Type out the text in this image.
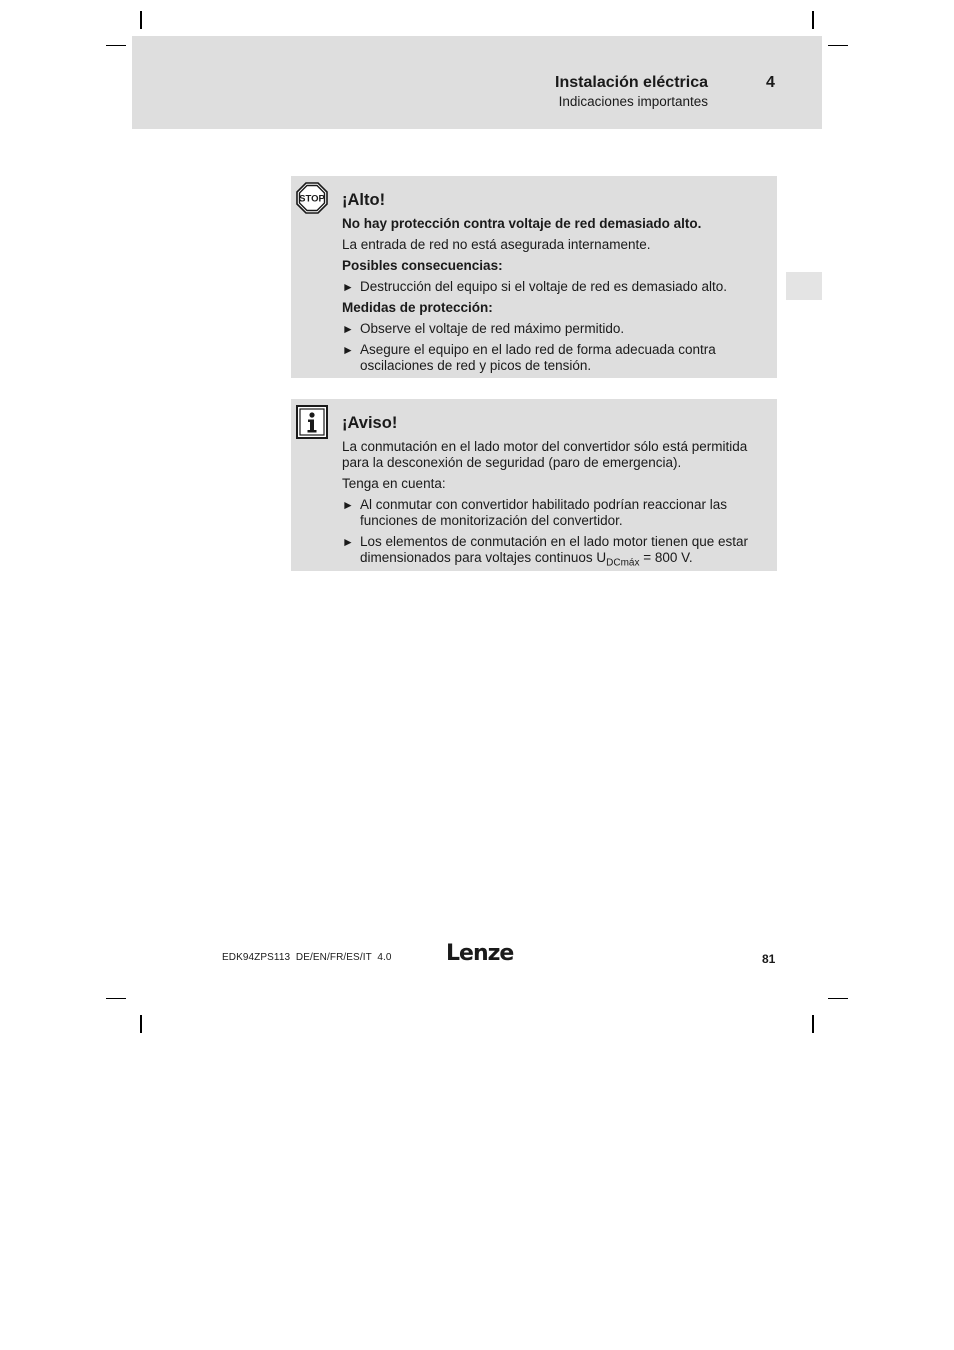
Instalación eléctrica	4
Indicaciones importantes
STOP ¡Alto!

No hay protección contra voltaje de red demasiado alto.

La entrada de red no está asegurada internamente.

Posibles consecuencias:

► Destrucción del equipo si el voltaje de red es demasiado alto.

Medidas de protección:

► Observe el voltaje de red máximo permitido.
► Asegure el equipo en el lado red de forma adecuada contra oscilaciones de red y picos de tensión.
¡Aviso!

La conmutación en el lado motor del convertidor sólo está permitida para la desconexión de seguridad (paro de emergencia).

Tenga en cuenta:

► Al conmutar con convertidor habilitado podrían reaccionar las funciones de monitorización del convertidor.
► Los elementos de conmutación en el lado motor tienen que estar dimensionados para voltajes continuos $U_{DCmáx} = 800$ V.
EDK94ZPS113  DE/EN/FR/ES/IT  4.0 Lenze	81
